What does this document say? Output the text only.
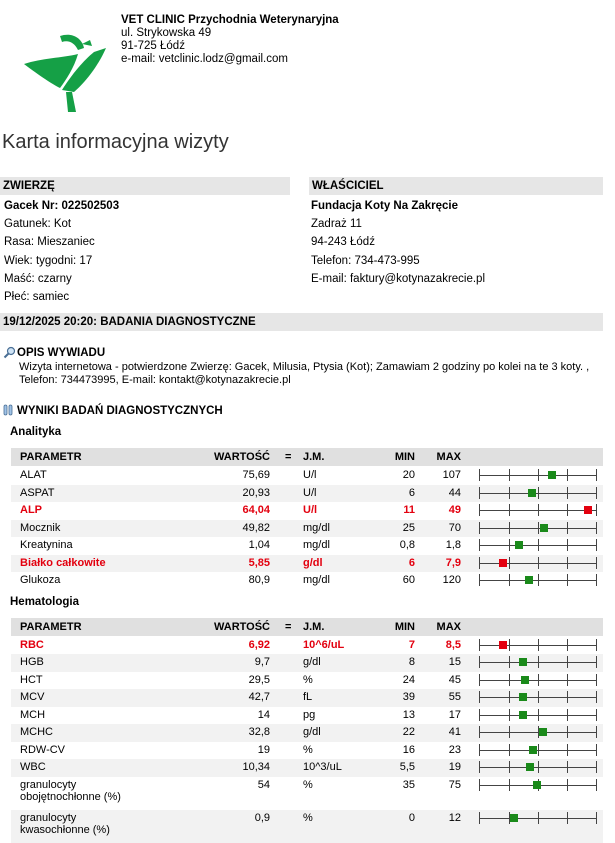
VET CLINIC Przychodnia Weterynaryjna
ul. Strykowska 49
91-725 Łódź
e-mail: vetclinic.lodz@gmail.com
Karta informacyjna wizyty
ZWIERZĘ	WŁAŚCICIEL
Gacek Nr: 022502503
Gatunek: Kot
Rasa: Mieszaniec
Wiek: tygodni: 17
Maść: czarny
Płeć: samiec
Fundacja Koty Na Zakręcie
Zadraż 11
94-243 Łódź
Telefon: 734-473-995
E-mail: faktury@kotynazakrecie.pl
19/12/2025 20:20: BADANIA DIAGNOSTYCZNE
OPIS WYWIADU
Wizyta internetowa - potwierdzone Zwierzę: Gacek, Milusia, Ptysia (Kot); Zamawiam 2 godziny po kolei na te 3 koty. , Telefon: 734473995, E-mail: kontakt@kotynazakrecie.pl
WYNIKI BADAŃ DIAGNOSTYCZNYCH
Analityka
PARAMETR	WARTOŚĆ = J.M.	MIN MAX
ALAT	75,69	U/l	20	107
ASPAT	20,93	U/l	6	44
ALP	64,04	U/l	11	49
Mocznik	49,82	mg/dl	25	70
Kreatynina	1,04	mg/dl	0,8	1,8
Białko całkowite	5,85	g/dl	6	7,9
Glukoza	80,9	mg/dl	60	120
Hematologia
PARAMETR	WARTOŚĆ = J.M.	MIN MAX
RBC	6,92	10^6/uL	7	8,5
HGB	9,7	g/dl	8	15
HCT	29,5	%	24	45
MCV	42,7	fL	39	55
MCH	14	pg	13	17
MCHC	32,8	g/dl	22	41
RDW-CV	19	%	16	23
WBC	10,34	10^3/uL	5,5	19
granulocyty obojętnochłonne (%)
54	%	35	75
granulocyty kwasochłonne (%)
0,9	%	0	12
